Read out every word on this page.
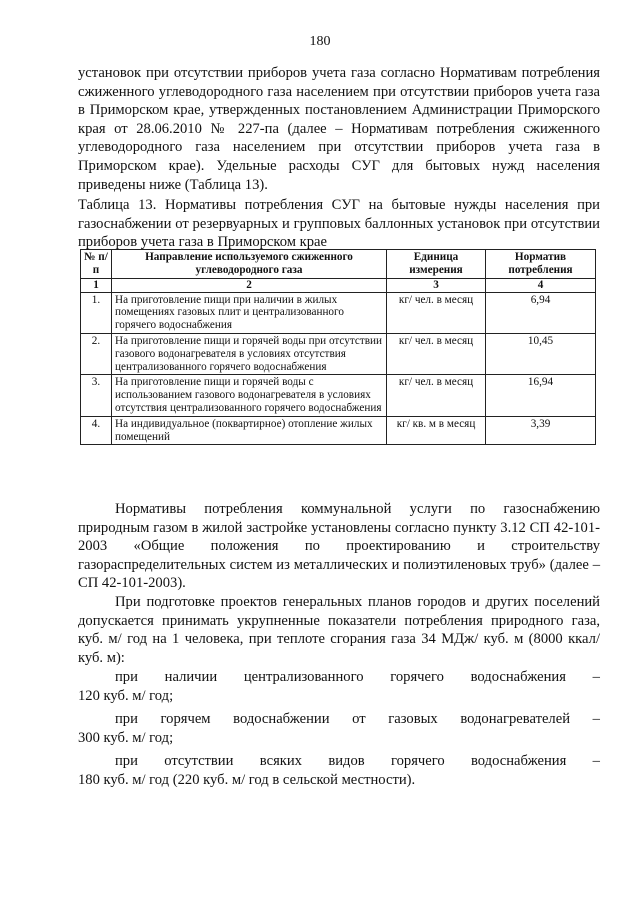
180

установок при отсутствии приборов учета газа согласно Нормативам потребления сжиженного углеводородного газа населением при отсутствии приборов учета газа в Приморском крае, утвержденных постановлением Администрации Приморского края от 28.06.2010 № 227-па (далее – Нормативам потребления сжиженного углеводородного газа населением при отсутствии приборов учета газа в Приморском крае). Удельные расходы СУГ для бытовых нужд населения приведены ниже (Таблица 13).

Таблица 13. Нормативы потребления СУГ на бытовые нужды населения при газоснабжении от резервуарных и групповых баллонных установок при отсутствии приборов учета газа в Приморском крае

№ п/п	Направление используемого сжиженного углеводородного газа	Единица измерения	Норматив потребления
1	2	3	4
1.	На приготовление пищи при наличии в жилых помещениях газовых плит и централизованного горячего водоснабжения	кг/ чел. в месяц	6,94
2.	На приготовление пищи и горячей воды при отсутствии газового водонагревателя в условиях отсутствия централизованного горячего водоснабжения	кг/ чел. в месяц	10,45
3.	На приготовление пищи и горячей воды с использованием газового водонагревателя в условиях отсутствия централизованного горячего водоснабжения	кг/ чел. в месяц	16,94
4.	На индивидуальное (поквартирное) отопление жилых помещений	кг/ кв. м в месяц	3,39

Нормативы потребления коммунальной услуги по газоснабжению природным газом в жилой застройке установлены согласно пункту 3.12 СП 42-101-2003 «Общие положения по проектированию и строительству газораспределительных систем из металлических и полиэтиленовых труб» (далее – СП 42-101-2003).

При подготовке проектов генеральных планов городов и других поселений допускается принимать укрупненные показатели потребления природного газа, куб. м/ год на 1 человека, при теплоте сгорания газа 34 МДж/ куб. м (8000 ккал/ куб. м):

при наличии централизованного горячего водоснабжения –
120 куб. м/ год;
при горячем водоснабжении от газовых водонагревателей –
300 куб. м/ год;
при отсутствии всяких видов горячего водоснабжения –
180 куб. м/ год (220 куб. м/ год в сельской местности).
